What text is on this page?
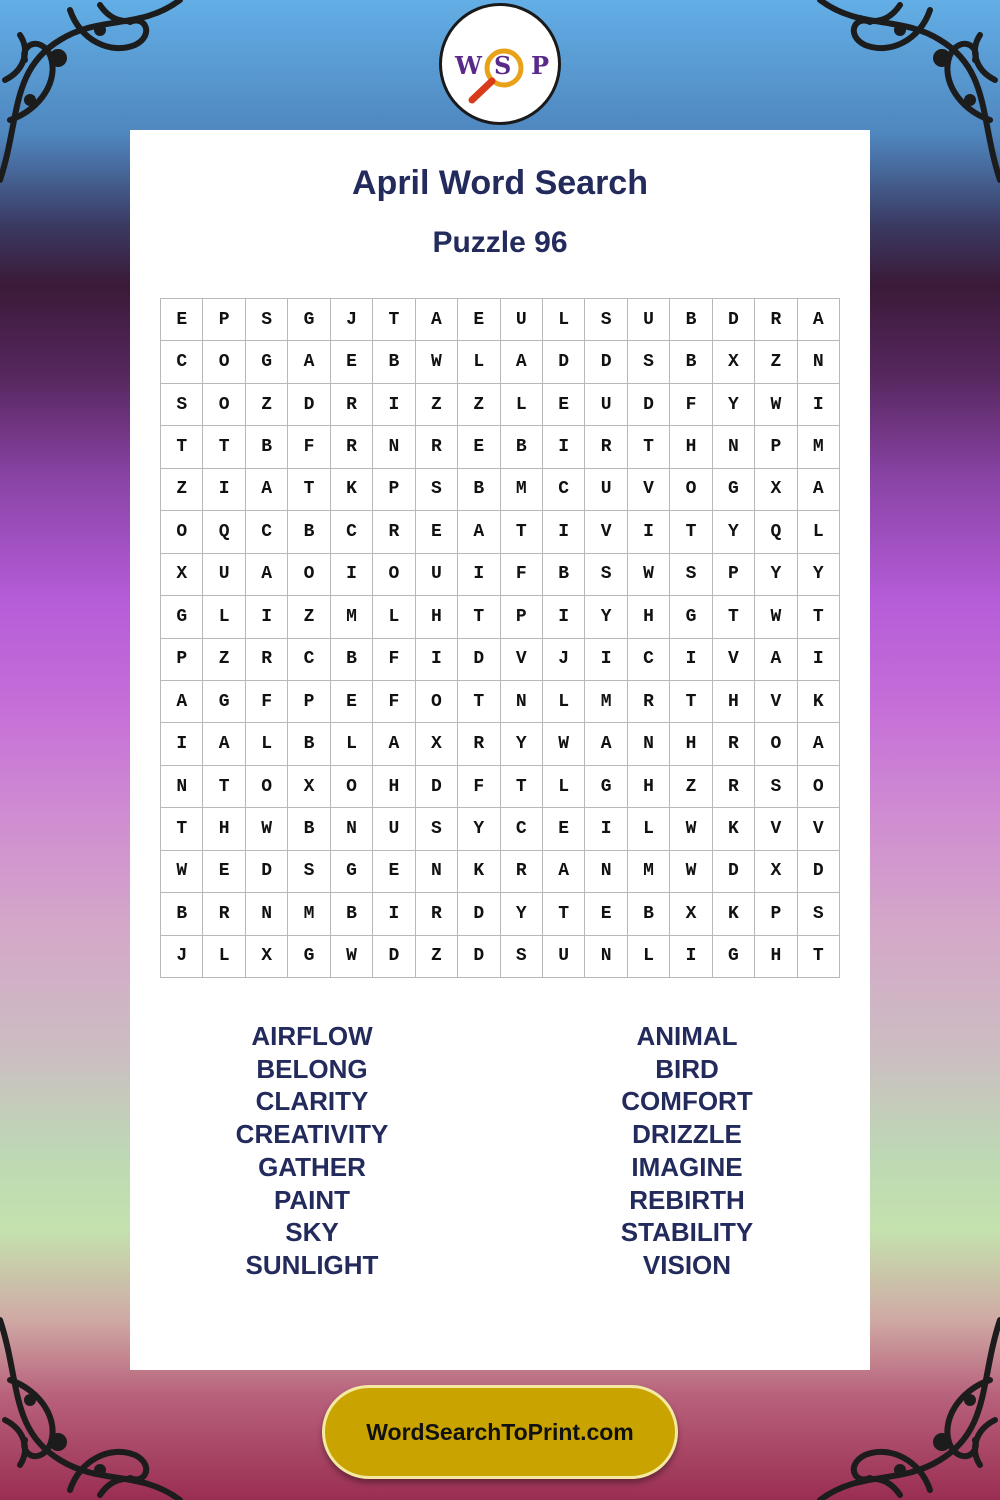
W S P
April Word Search
Puzzle 96
E	P	S	G	J	T	A	E	U	L	S	U	B	D	R	A
C	O	G	A	E	B	W	L	A	D	D	S	B	X	Z	N
S	O	Z	D	R	I	Z	Z	L	E	U	D	F	Y	W	I
T	T	B	F	R	N	R	E	B	I	R	T	H	N	P	M
Z	I	A	T	K	P	S	B	M	C	U	V	O	G	X	A
O	Q	C	B	C	R	E	A	T	I	V	I	T	Y	Q	L
X	U	A	O	I	O	U	I	F	B	S	W	S	P	Y	Y
G	L	I	Z	M	L	H	T	P	I	Y	H	G	T	W	T
P	Z	R	C	B	F	I	D	V	J	I	C	I	V	A	I
A	G	F	P	E	F	O	T	N	L	M	R	T	H	V	K
I	A	L	B	L	A	X	R	Y	W	A	N	H	R	O	A
N	T	O	X	O	H	D	F	T	L	G	H	Z	R	S	O
T	H	W	B	N	U	S	Y	C	E	I	L	W	K	V	V
W	E	D	S	G	E	N	K	R	A	N	M	W	D	X	D
B	R	N	M	B	I	R	D	Y	T	E	B	X	K	P	S
J	L	X	G	W	D	Z	D	S	U	N	L	I	G	H	T
AIRFLOW
BELONG
CLARITY
CREATIVITY
GATHER
PAINT
SKY
SUNLIGHT
ANIMAL
BIRD
COMFORT
DRIZZLE
IMAGINE
REBIRTH
STABILITY
VISION
WordSearchToPrint.com
